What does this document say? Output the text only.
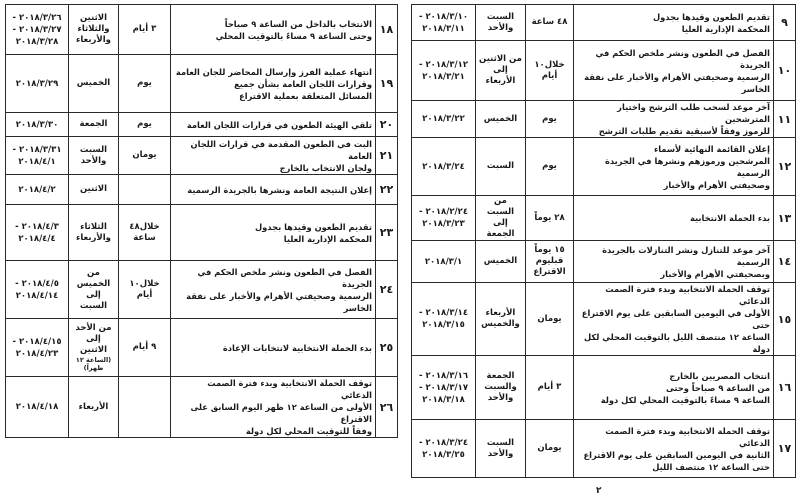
٩	تقديم الطعون وقيدها بجدول
المحكمة الإدارية العليا	٤٨ ساعة	السبت
والأحد	٢٠١٨/٣/١٠ -
٢٠١٨/٣/١١

١٠	الفصل في الطعون ونشر ملخص الحكم في الجريدة
الرسمية وصحيفتي الأهرام والأخبار على نفقة الخاسر	خلال١٠ أيام	من الاثنين
إلى الأربعاء	٢٠١٨/٣/١٢ -
٢٠١٨/٣/٢١

١١	آخر موعد لسحب طلب الترشح واختيار المترشحين
للرموز وفقاً لأسبقية تقديم طلبات الترشح	يوم	الخميس	٢٠١٨/٣/٢٢

١٢	إعلان القائمة النهائية لأسماء
المرشحين ورموزهم ونشرها في الجريدة الرسمية
وصحيفتي الأهرام والأخبار	يوم	السبت	٢٠١٨/٣/٢٤

١٣	بدء الحملة الانتخابية	٢٨ يوماً	من السبت
إلى الجمعة	٢٠١٨/٢/٢٤ -
٢٠١٨/٣/٢٣

١٤	آخر موعد للتنازل ونشر التنازلات بالجريدة الرسمية
وبصحيفتي الأهرام والأخبار	١٥ يوماً قبليوم الاقتراع	الخميس	٢٠١٨/٣/١

١٥	توقف الحملة الانتخابية وبدء فترة الصمت الدعائي
الأولى في اليومين السابقين على يوم الاقتراع حتى
الساعة ١٢ منتصف الليل بالتوقيت المحلي لكل دولة	يومان	الأربعاء
والخميس	٢٠١٨/٣/١٤ -
٢٠١٨/٣/١٥

١٦	انتخاب المصريين بالخارج
من الساعة ٩ صباحاً وحتى
الساعة ٩ مساءً بالتوقيت المحلي لكل دولة	٣ أيام	الجمعة
والسبت
والأحد	٢٠١٨/٣/١٦ -
٢٠١٨/٣/١٧ -
٢٠١٨/٣/١٨

١٧	توقف الحملة الانتخابية وبدء فترة الصمت الدعائي
الثانية في اليومين السابقين على يوم الاقتراع
حتى الساعة ١٢ منتصف الليل	يومان	السبت
والأحد	٢٠١٨/٣/٢٤ -
٢٠١٨/٣/٢٥
١٨	الانتخاب بالداخل من الساعة ٩ صباحاً
وحتى الساعة ٩ مساءً بالتوقيت المحلي	٣ أيام	الاثنين
والثلاثاء
والأربعاء	٢٠١٨/٣/٢٦ -
٢٠١٨/٣/٢٧ -
٢٠١٨/٣/٢٨

١٩	انتهاء عملية الفرز وإرسال المحاضر للجان العامة
وقرارات اللجان العامة بشأن جميع
المسائل المتعلقة بعملية الاقتراع	يوم	الخميس	٢٠١٨/٣/٢٩

٢٠	تلقي الهيئة الطعون في قرارات اللجان العامة	يوم	الجمعة	٢٠١٨/٣/٣٠

٢١	البت في الطعون المقدمة في قرارات اللجان العامة
ولجان الانتخاب بالخارج	يومان	السبت
والأحد	٢٠١٨/٣/٣١ -
٢٠١٨/٤/١

٢٢	إعلان النتيجة العامة ونشرها بالجريدة الرسمية		الاثنين	٢٠١٨/٤/٢

٢٣	تقديم الطعون وقيدها بجدول
المحكمة الإدارية العليا	خلال٤٨ ساعة	الثلاثاء
والأربعاء	٢٠١٨/٤/٣ -
٢٠١٨/٤/٤

٢٤	الفصل في الطعون ونشر ملخص الحكم في الجريدة
الرسمية وصحيفتي الأهرام والأخبار على نفقة الخاسر	خلال١٠ أيام	من الخميس
إلى السبت	٢٠١٨/٤/٥ -
٢٠١٨/٤/١٤

٢٥	بدء الحملة الانتخابية لانتخابات الإعادة	٩ أيام	من الأحد
إلى الاثنين
(الساعة ١٢ ظهراً)	٢٠١٨/٤/١٥ -
٢٠١٨/٤/٢٣

٢٦	توقف الحملة الانتخابية وبدء فترة الصمت الدعائي
الأولى من الساعة ١٢ ظهر اليوم السابق على الاقتراع
وفقاً للتوقيت المحلي لكل دولة		الأربعاء	٢٠١٨/٤/١٨
٢
